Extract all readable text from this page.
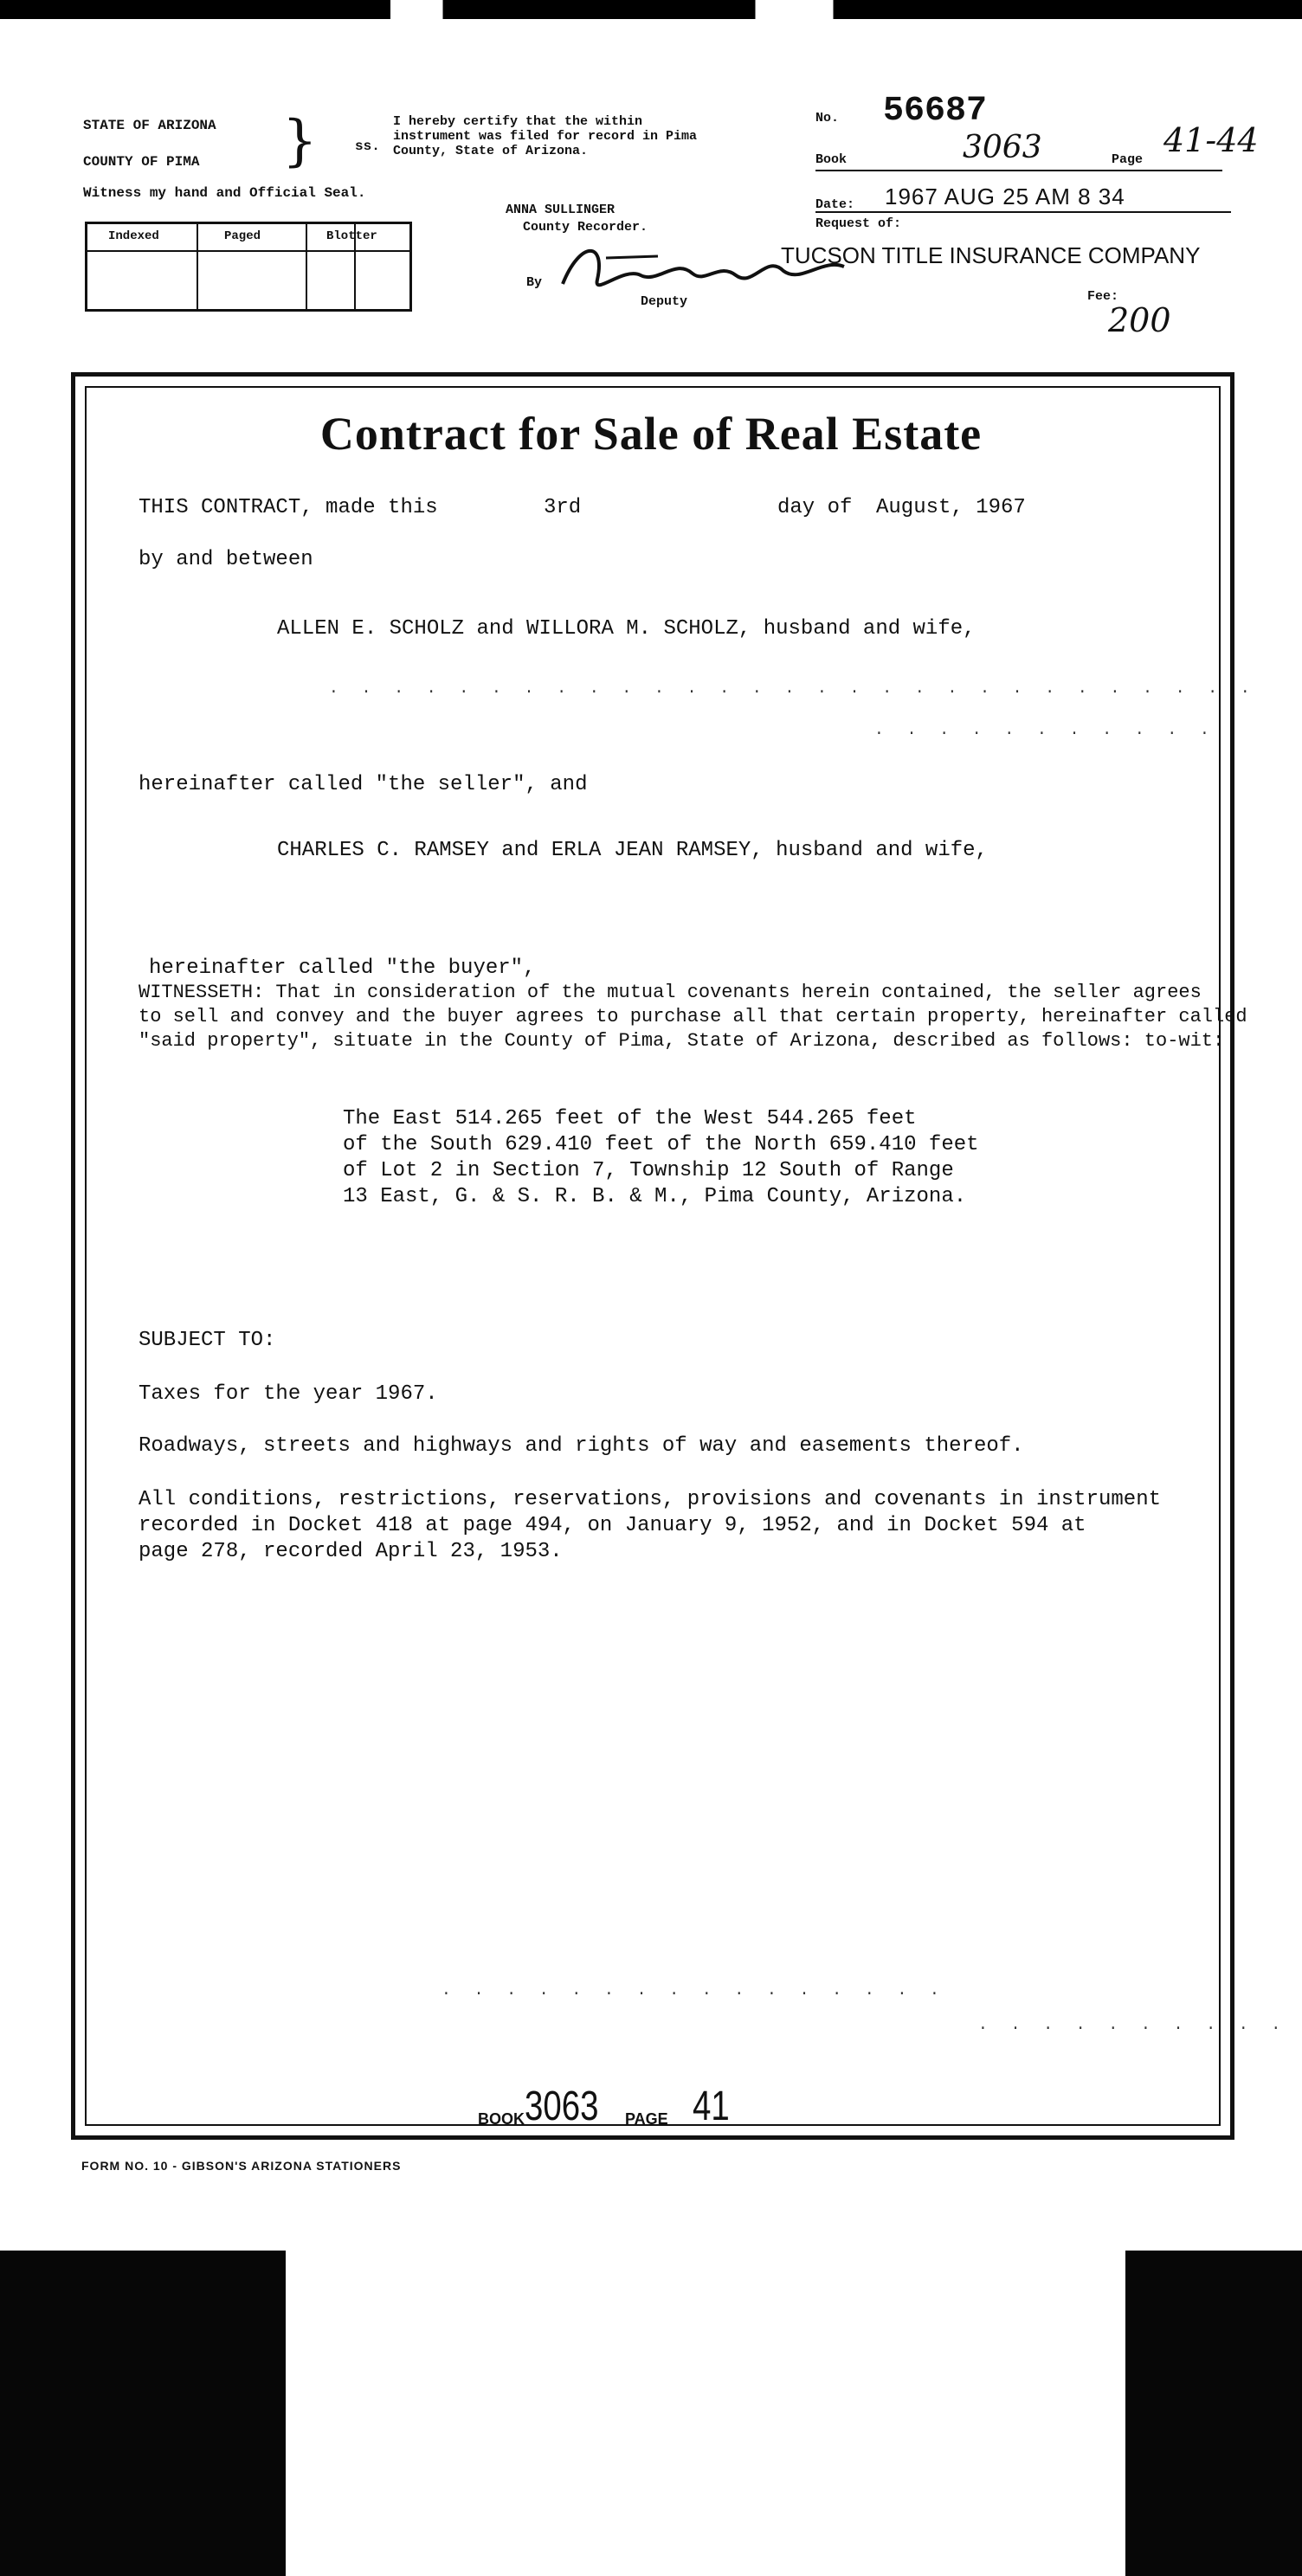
STATE OF ARIZONA
COUNTY OF PIMA }	ss.
Witness my hand and Official Seal.
I hereby certify that the within instrument was filed for record in Pima County, State of Arizona.
ANNA SULLINGER
County Recorder.
By
Deputy
No. 56687
Book	3063	Page
41-44
Date: 1967 AUG 25 AM 8 34
Request of:
TUCSON TITLE INSURANCE COMPANY
Fee:
200
Indexed	Paged	Blotter
Contract for Sale of Real Estate
THIS CONTRACT, made this	3rd	day of August, 1967
by and between
ALLEN E. SCHOLZ and WILLORA M. SCHOLZ, husband and wife,
. . . . . . . . . . . . . . . . . . . . . . . . . . . . .
. . . . . . . . . . .
hereinafter called "the seller", and
CHARLES C. RAMSEY and ERLA JEAN RAMSEY, husband and wife,
hereinafter called "the buyer",
WITNESSETH: That in consideration of the mutual covenants herein contained, the seller agrees
to sell and convey and the buyer agrees to purchase all that certain property, hereinafter called
"said property", situate in the County of Pima, State of Arizona, described as follows: to-wit:
The East 514.265 feet of the West 544.265 feet
of the South 629.410 feet of the North 659.410 feet
of Lot 2 in Section 7, Township 12 South of Range
13 East, G. & S. R. B. & M., Pima County, Arizona.
SUBJECT TO:
Taxes for the year 1967.
Roadways, streets and highways and rights of way and easements thereof.
All conditions, restrictions, reservations, provisions and covenants in instrument
recorded in Docket 418 at page 494, on January 9, 1952, and in Docket 594 at
page 278, recorded April 23, 1953.
. . . . . . . . . . . . . . . .
. . . . . . . . . .
BOOK 3063 PAGE 41
FORM NO. 10 - GIBSON'S ARIZONA STATIONERS
